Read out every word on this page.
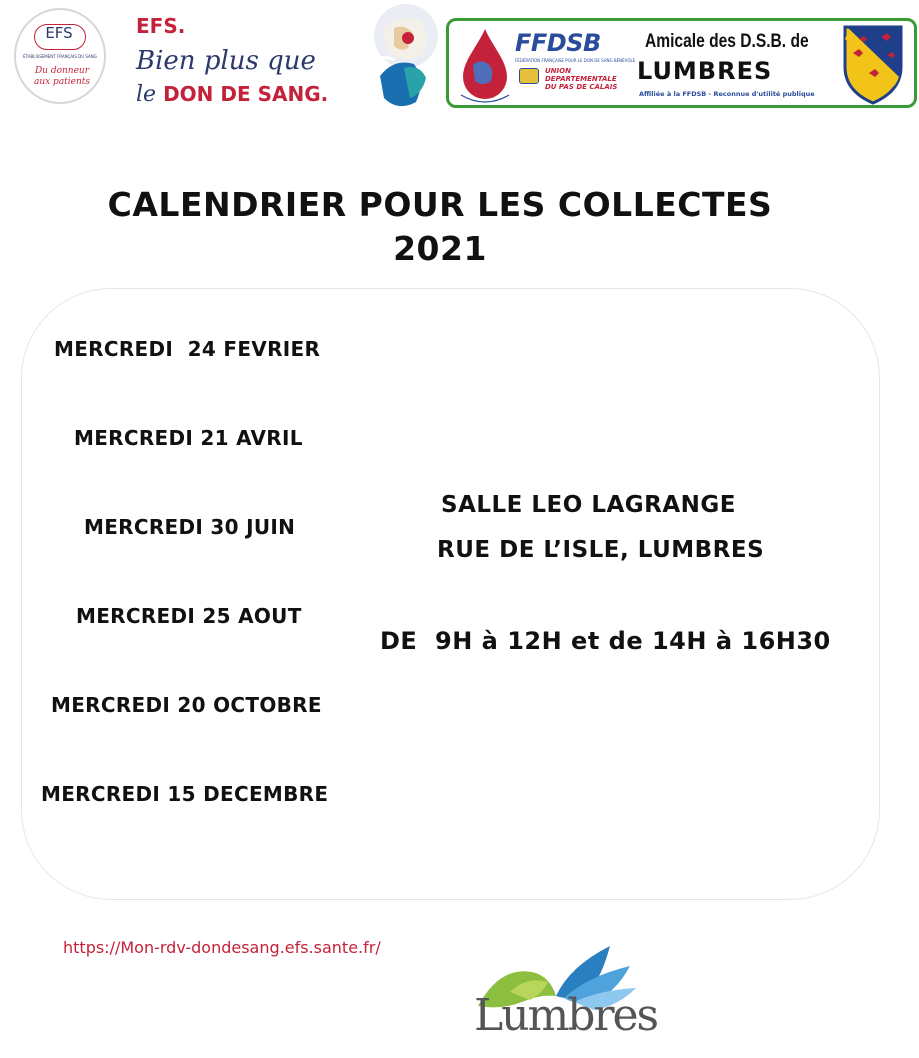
EFS
ÉTABLISSEMENT FRANÇAIS DU SANG
Du donneur
aux patients
EFS.
Bien plus que
le DON DE SANG.
FFDSB
FÉDÉRATION FRANÇAISE POUR LE DON DE SANG BÉNÉVOLE
UNION DEPARTEMENTALE
DU PAS DE CALAIS
Amicale des D.S.B. de
LUMBRES
Affiliée à la FFDSB - Reconnue d'utilité publique
CALENDRIER POUR LES COLLECTES
2021
MERCREDI  24 FEVRIER
MERCREDI 21 AVRIL
MERCREDI 30 JUIN
MERCREDI 25 AOUT
MERCREDI 20 OCTOBRE
MERCREDI 15 DECEMBRE
SALLE LEO LAGRANGE
RUE DE L’ISLE, LUMBRES
DE  9H à 12H et de 14H à 16H30
https://Mon-rdv-dondesang.efs.sante.fr/
Lumbres
